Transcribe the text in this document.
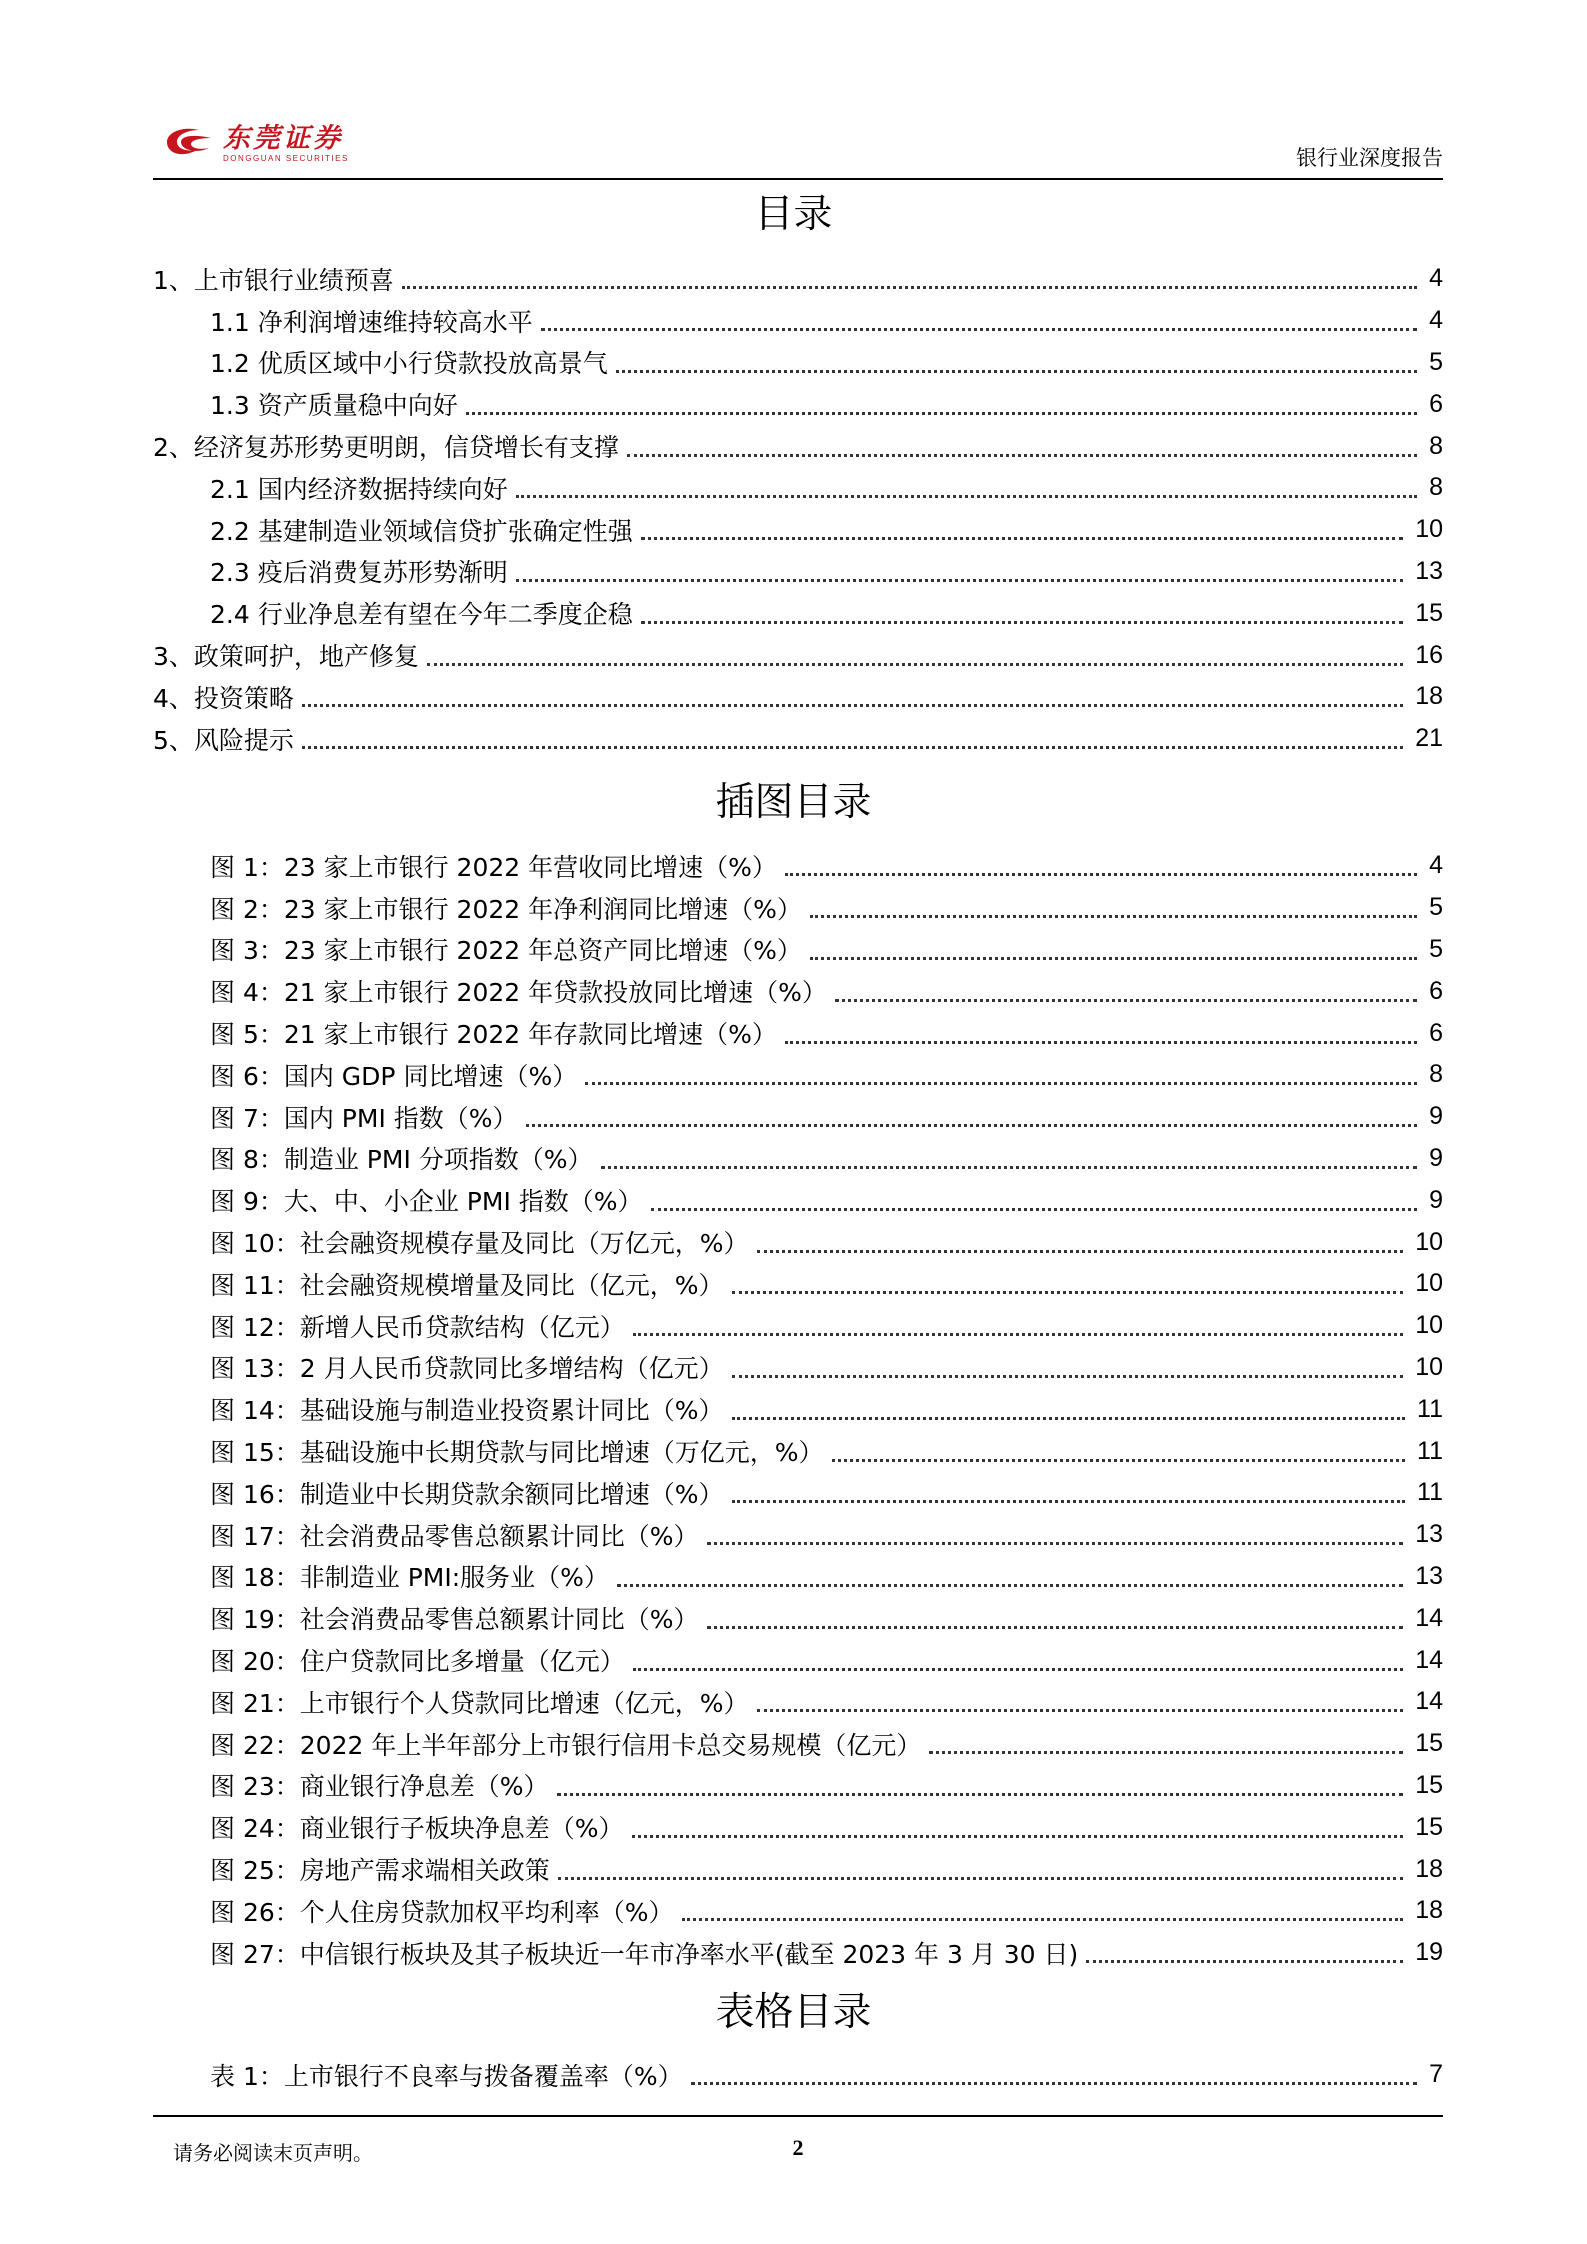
东莞证券
DONGGUAN SECURITIES	银行业深度报告
目录
1、上市银行业绩预喜	4
1.1 净利润增速维持较高水平	4
1.2 优质区域中小行贷款投放高景气	5
1.3 资产质量稳中向好	6
2、经济复苏形势更明朗，信贷增长有支撑	8
2.1 国内经济数据持续向好	8
2.2 基建制造业领域信贷扩张确定性强	10
2.3 疫后消费复苏形势渐明	13
2.4 行业净息差有望在今年二季度企稳	15
3、政策呵护，地产修复	16
4、投资策略	18
5、风险提示	21
插图目录
图 1：23 家上市银行 2022 年营收同比增速（%）	4
图 2：23 家上市银行 2022 年净利润同比增速（%）	5
图 3：23 家上市银行 2022 年总资产同比增速（%）	5
图 4：21 家上市银行 2022 年贷款投放同比增速（%）	6
图 5：21 家上市银行 2022 年存款同比增速（%）	6
图 6：国内 GDP 同比增速（%）	8
图 7：国内 PMI 指数（%）	9
图 8：制造业 PMI 分项指数（%）	9
图 9：大、中、小企业 PMI 指数（%）	9
图 10：社会融资规模存量及同比（万亿元，%）	10
图 11：社会融资规模增量及同比（亿元，%）	10
图 12：新增人民币贷款结构（亿元）	10
图 13：2 月人民币贷款同比多增结构（亿元）	10
图 14：基础设施与制造业投资累计同比（%）	11
图 15：基础设施中长期贷款与同比增速（万亿元，%）	11
图 16：制造业中长期贷款余额同比增速（%）	11
图 17：社会消费品零售总额累计同比（%）	13
图 18：非制造业 PMI:服务业（%）	13
图 19：社会消费品零售总额累计同比（%）	14
图 20：住户贷款同比多增量（亿元）	14
图 21：上市银行个人贷款同比增速（亿元，%）	14
图 22：2022 年上半年部分上市银行信用卡总交易规模（亿元）	15
图 23：商业银行净息差（%）	15
图 24：商业银行子板块净息差（%）	15
图 25：房地产需求端相关政策	18
图 26：个人住房贷款加权平均利率（%）	18
图 27：中信银行板块及其子板块近一年市净率水平(截至 2023 年 3 月 30 日)	19
表格目录
表 1：上市银行不良率与拨备覆盖率（%）	7
请务必阅读末页声明。	2
